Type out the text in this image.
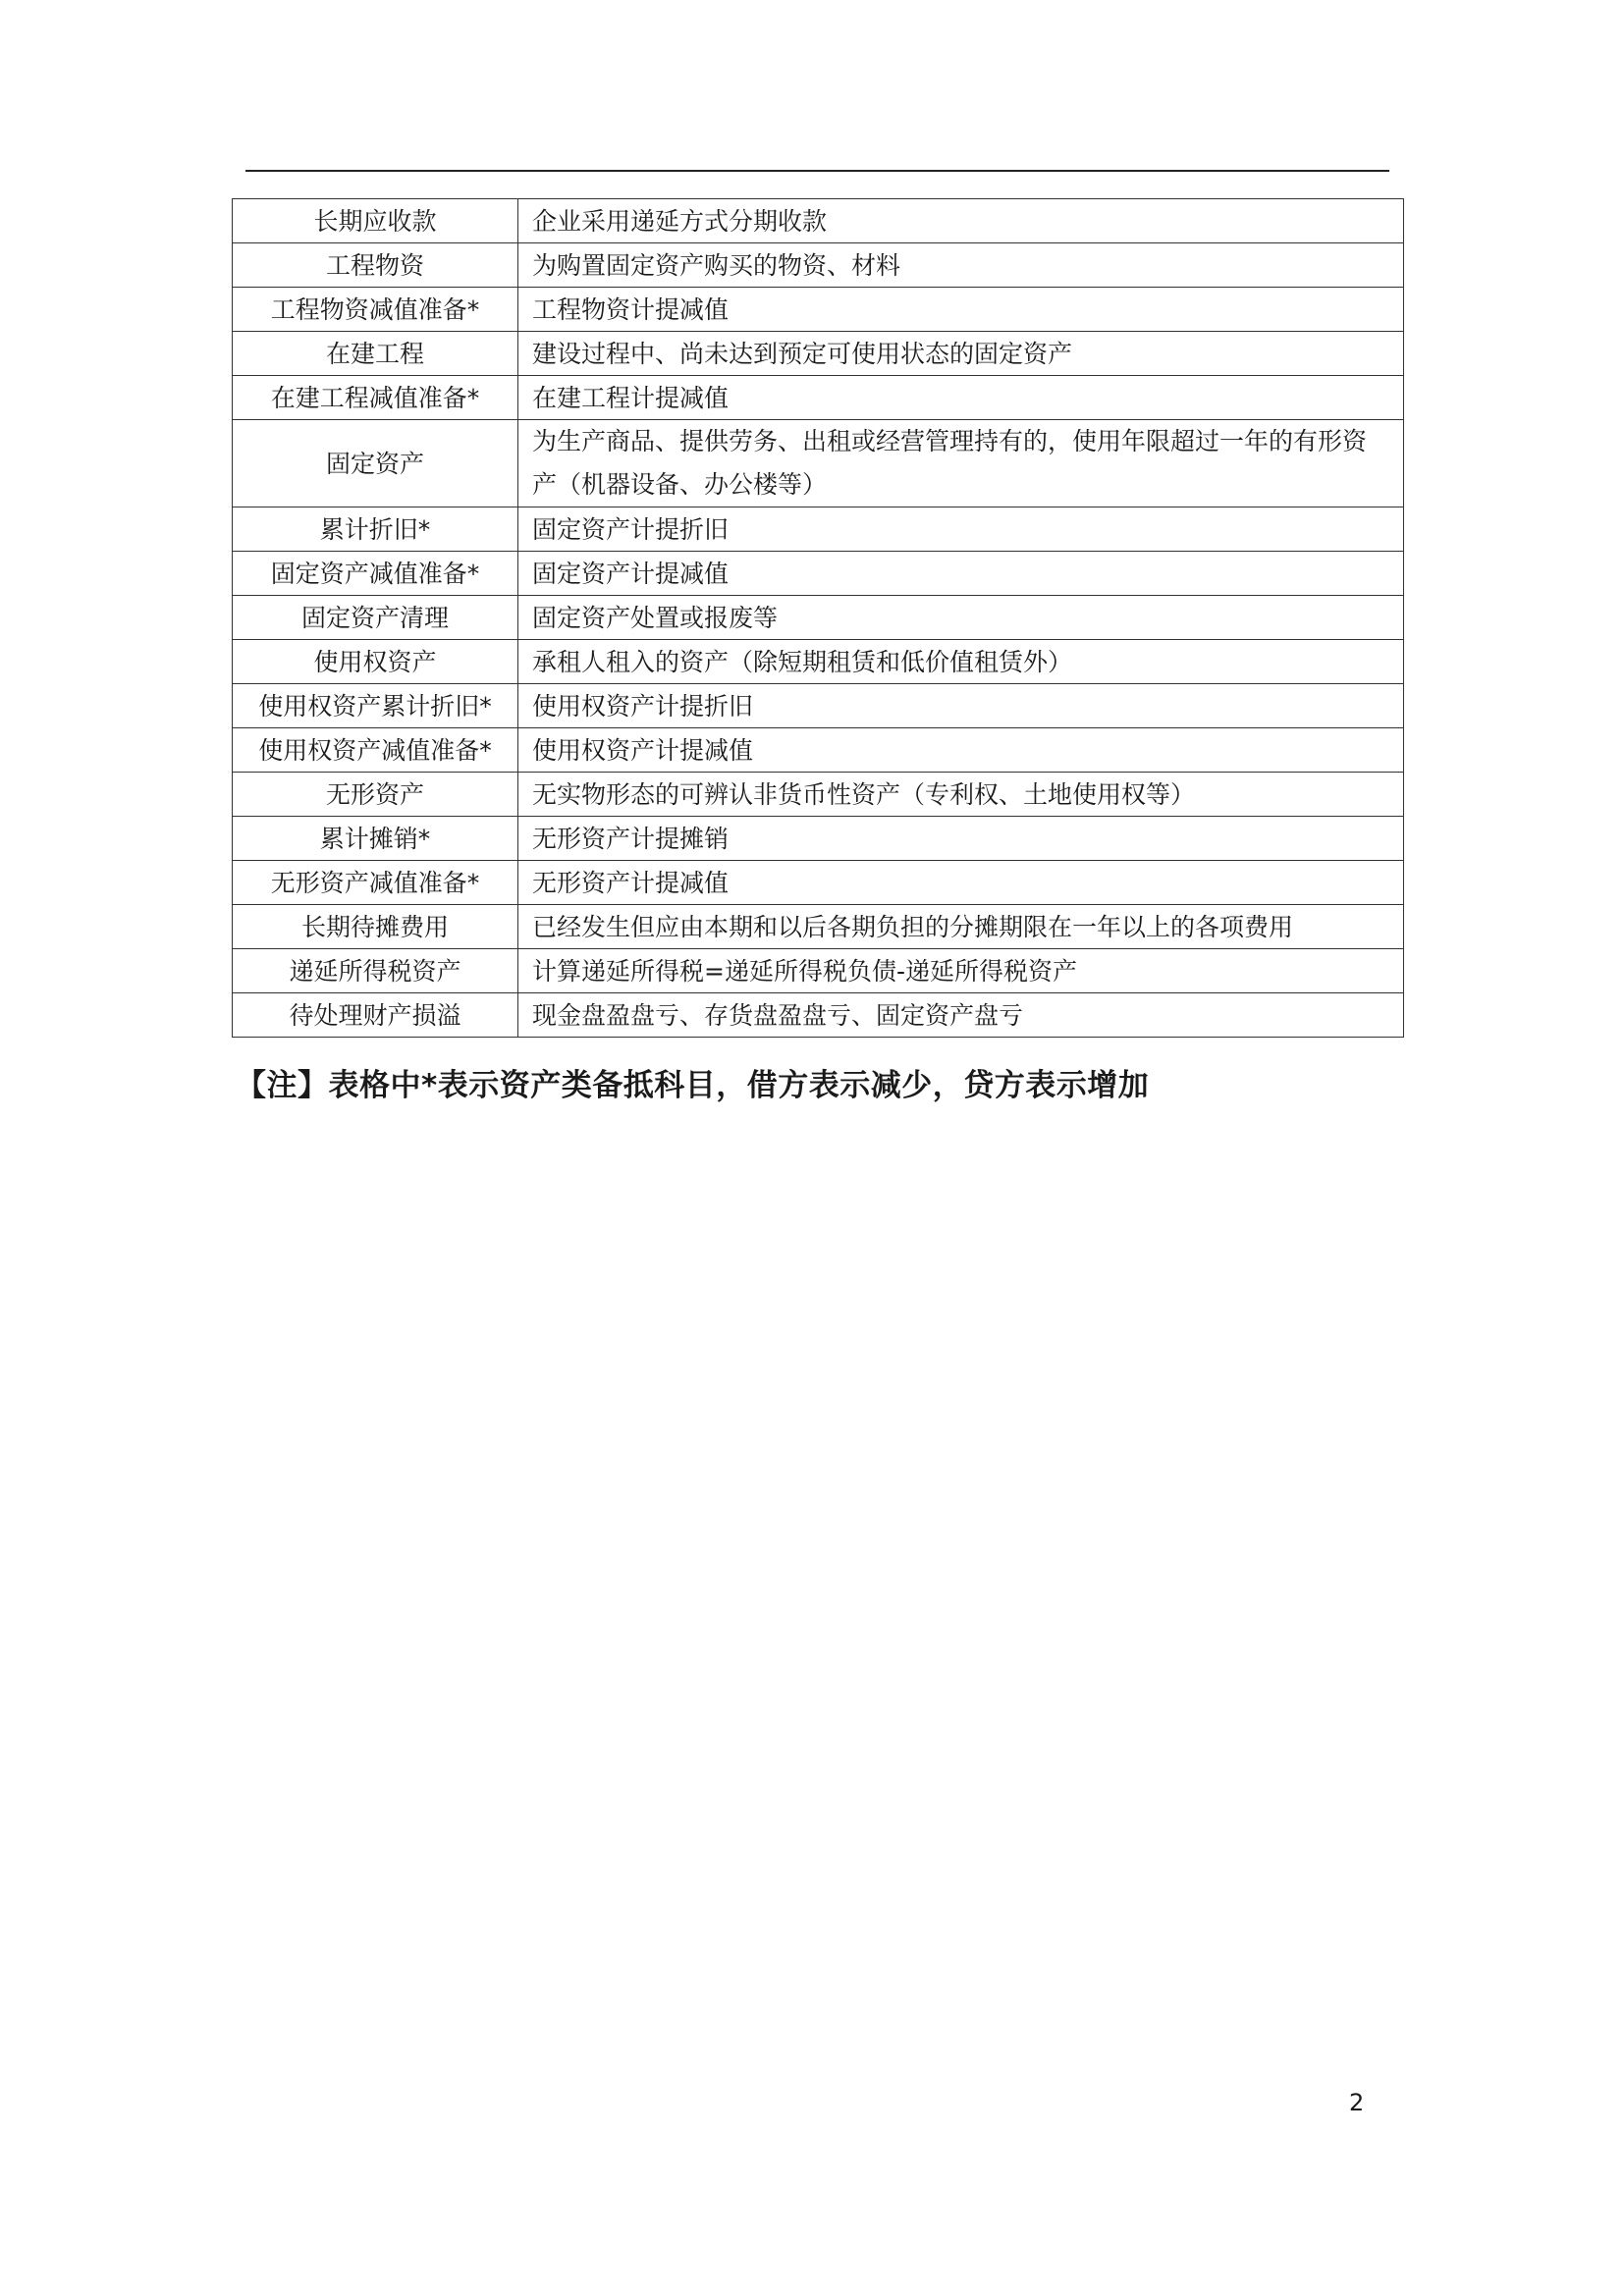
长期应收款	企业采用递延方式分期收款
工程物资	为购置固定资产购买的物资、材料
工程物资减值准备*	工程物资计提减值
在建工程	建设过程中、尚未达到预定可使用状态的固定资产
在建工程减值准备*	在建工程计提减值
固定资产	为生产商品、提供劳务、出租或经营管理持有的，使用年限超过一年的有形资产（机器设备、办公楼等）
累计折旧*	固定资产计提折旧
固定资产减值准备*	固定资产计提减值
固定资产清理	固定资产处置或报废等
使用权资产	承租人租入的资产（除短期租赁和低价值租赁外）
使用权资产累计折旧*	使用权资产计提折旧
使用权资产减值准备*	使用权资产计提减值
无形资产	无实物形态的可辨认非货币性资产（专利权、土地使用权等）
累计摊销*	无形资产计提摊销
无形资产减值准备*	无形资产计提减值
长期待摊费用	已经发生但应由本期和以后各期负担的分摊期限在一年以上的各项费用
递延所得税资产	计算递延所得税=递延所得税负债-递延所得税资产
待处理财产损溢	现金盘盈盘亏、存货盘盈盘亏、固定资产盘亏
【注】表格中*表示资产类备抵科目，借方表示减少，贷方表示增加
2
